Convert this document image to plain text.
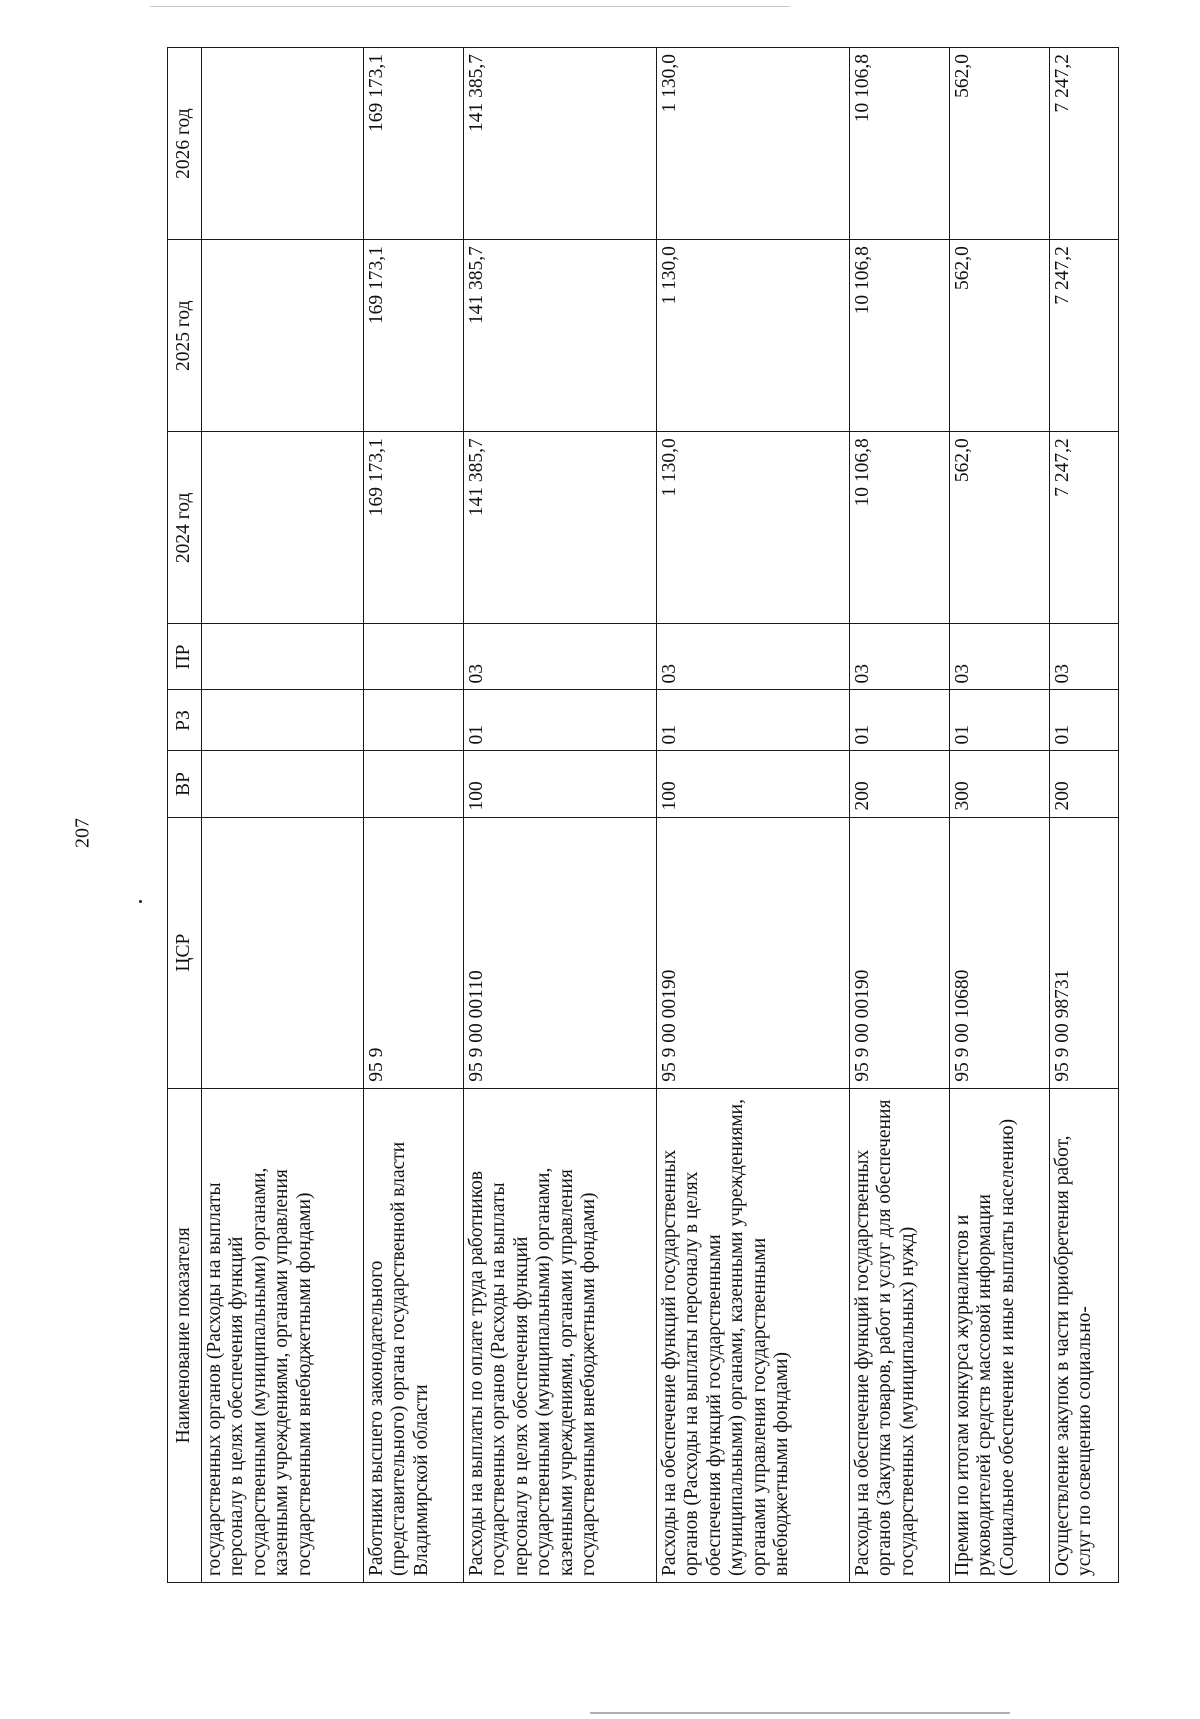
207
Наименование показателя	ЦСР	ВР	РЗ	ПР	2024 год	2025 год	2026 год
государственных органов (Расходы на выплаты персоналу в целях обеспечения функций государственными (муниципальными) органами, казенными учреждениями, органами управления государственными внебюджетными фондами)							
Работники высшего законодательного (представительного) органа государственной власти Владимирской области	95 9				169 173,1	169 173,1	169 173,1
Расходы на выплаты по оплате труда работников государственных органов (Расходы на выплаты персоналу в целях обеспечения функций государственными (муниципальными) органами, казенными учреждениями, органами управления государственными внебюджетными фондами)	95 9 00 00110	100	01	03	141 385,7	141 385,7	141 385,7
Расходы на обеспечение функций государственных органов (Расходы на выплаты персоналу в целях обеспечения функций государственными (муниципальными) органами, казенными учреждениями, органами управления государственными внебюджетными фондами)	95 9 00 00190	100	01	03	1 130,0	1 130,0	1 130,0
Расходы на обеспечение функций государственных органов (Закупка товаров, работ и услуг для обеспечения государственных (муниципальных) нужд)	95 9 00 00190	200	01	03	10 106,8	10 106,8	10 106,8
Премии по итогам конкурса журналистов и руководителей средств массовой информации (Социальное обеспечение и иные выплаты населению)	95 9 00 10680	300	01	03	562,0	562,0	562,0
Осуществление закупок в части приобретения работ, услуг по освещению социально-	95 9 00 98731	200	01	03	7 247,2	7 247,2	7 247,2
